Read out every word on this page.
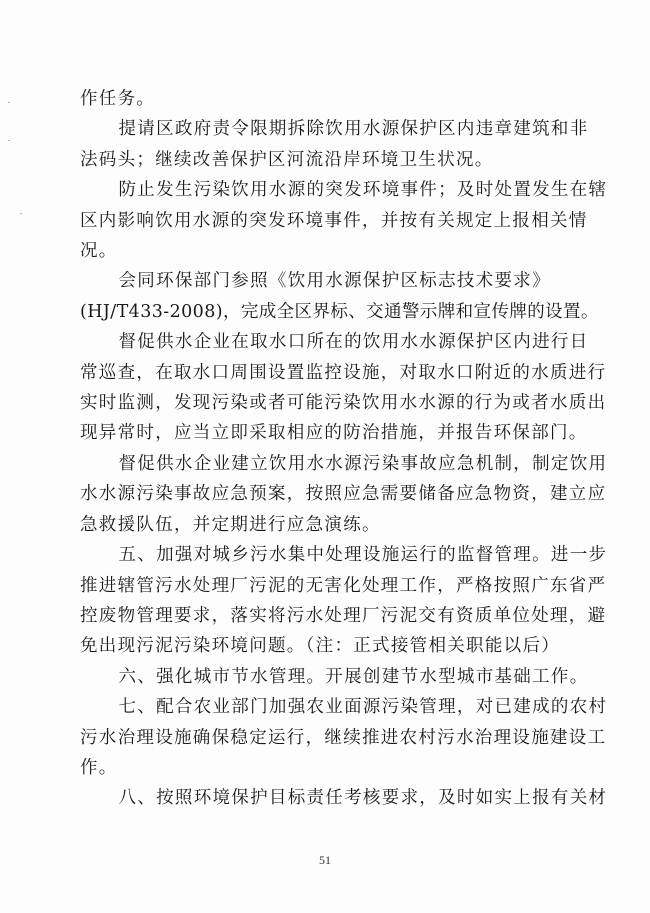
作任务。

提请区政府责令限期拆除饮用水源保护区内违章建筑和非
法码头；继续改善保护区河流沿岸环境卫生状况。

防止发生污染饮用水源的突发环境事件；及时处置发生在辖
区内影响饮用水源的突发环境事件，并按有关规定上报相关情
况。

会同环保部门参照《饮用水源保护区标志技术要求》
(HJ/T433-2008)，完成全区界标、交通警示牌和宣传牌的设置。

督促供水企业在取水口所在的饮用水水源保护区内进行日
常巡查，在取水口周围设置监控设施，对取水口附近的水质进行
实时监测，发现污染或者可能污染饮用水水源的行为或者水质出
现异常时，应当立即采取相应的防治措施，并报告环保部门。

督促供水企业建立饮用水水源污染事故应急机制，制定饮用
水水源污染事故应急预案，按照应急需要储备应急物资，建立应
急救援队伍，并定期进行应急演练。

五、加强对城乡污水集中处理设施运行的监督管理。进一步
推进辖管污水处理厂污泥的无害化处理工作，严格按照广东省严
控废物管理要求，落实将污水处理厂污泥交有资质单位处理，避
免出现污泥污染环境问题。（注：正式接管相关职能以后）

六、强化城市节水管理。开展创建节水型城市基础工作。

七、配合农业部门加强农业面源污染管理，对已建成的农村
污水治理设施确保稳定运行，继续推进农村污水治理设施建设工
作。

八、按照环境保护目标责任考核要求，及时如实上报有关材

51
